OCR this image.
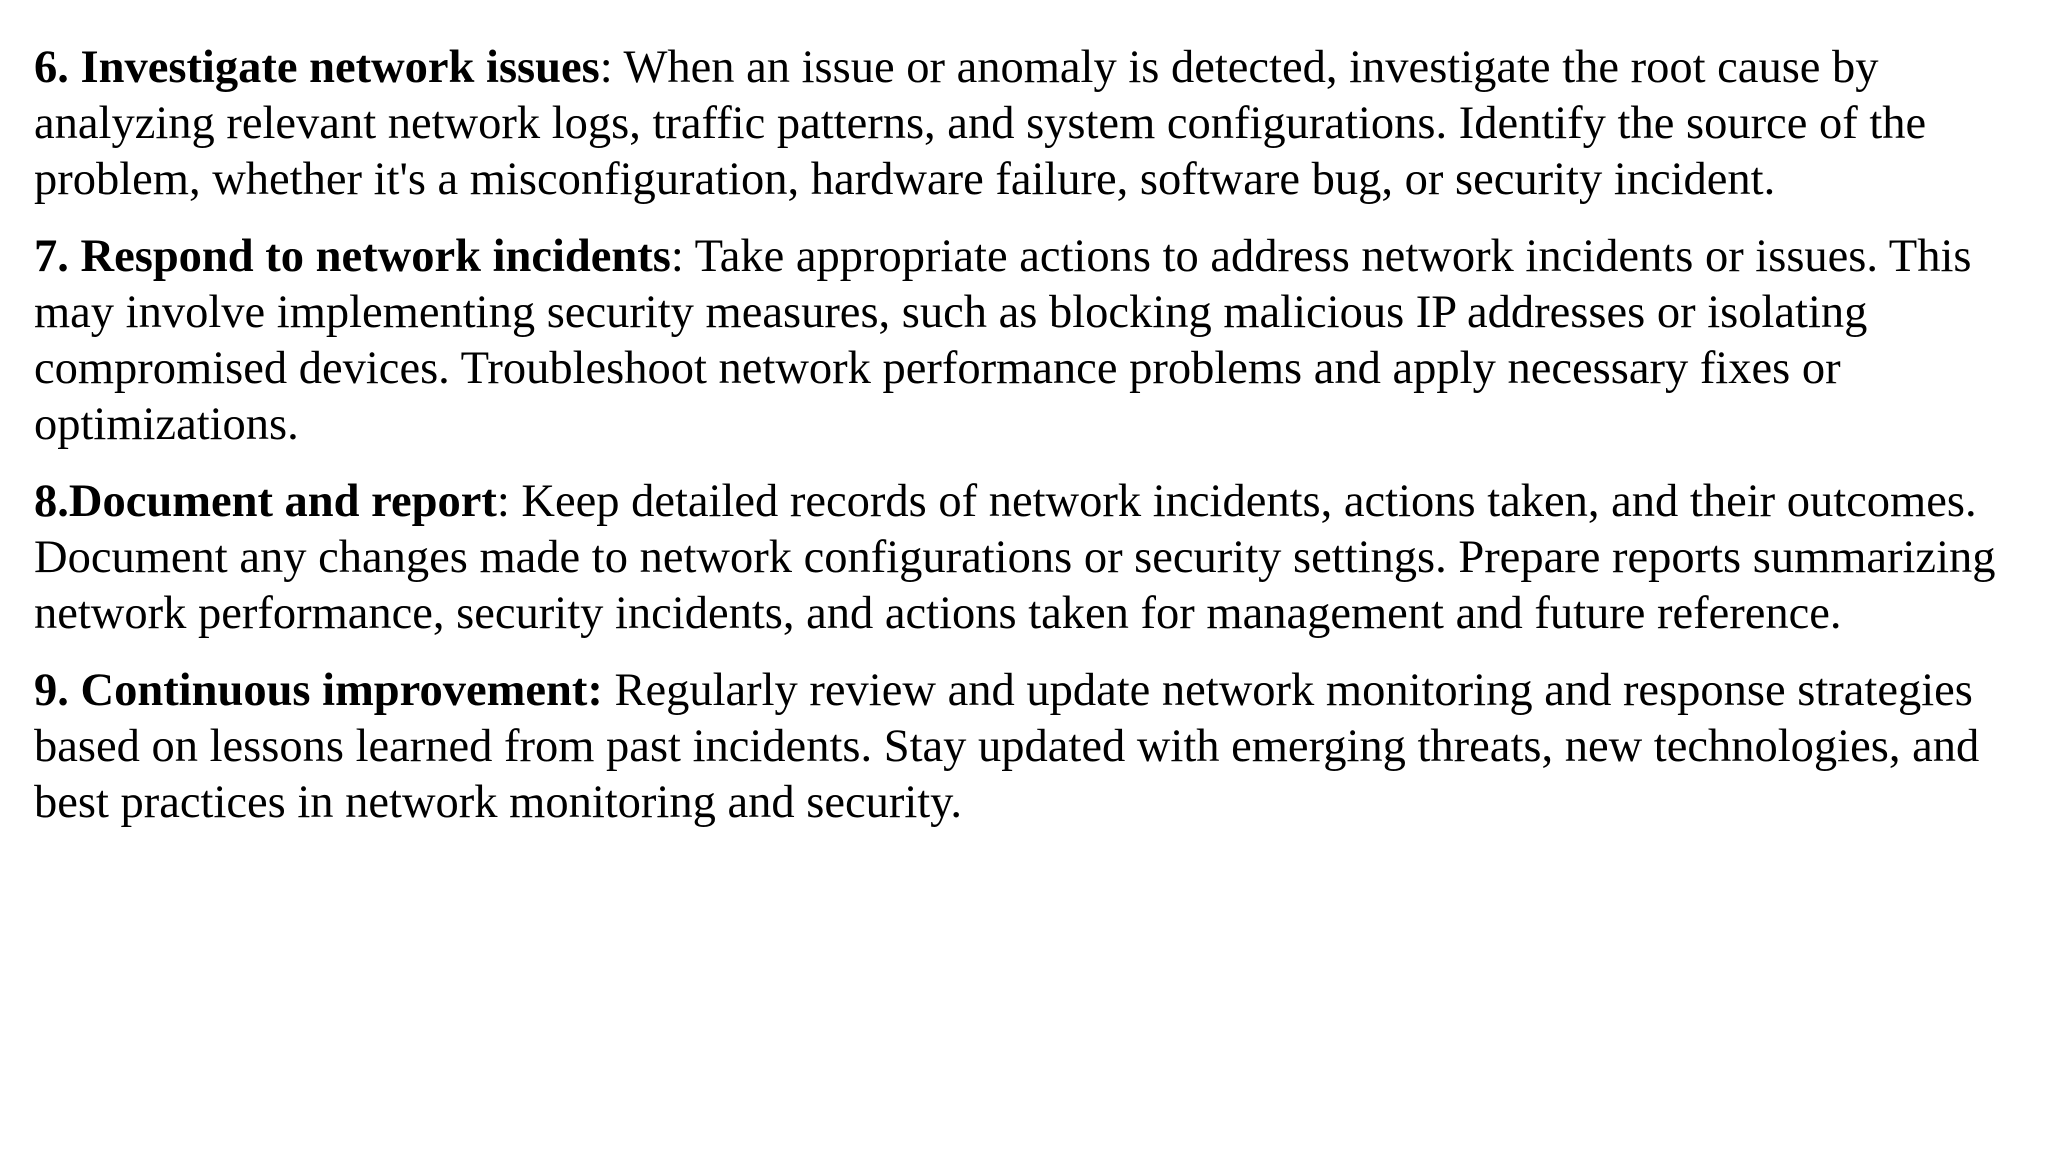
6. Investigate network issues: When an issue or anomaly is detected, investigate the root cause by analyzing relevant network logs, traffic patterns, and system configurations. Identify the source of the problem, whether it's a misconfiguration, hardware failure, software bug, or security incident.

7. Respond to network incidents: Take appropriate actions to address network incidents or issues. This may involve implementing security measures, such as blocking malicious IP addresses or isolating compromised devices. Troubleshoot network performance problems and apply necessary fixes or optimizations.

8.Document and report: Keep detailed records of network incidents, actions taken, and their outcomes. Document any changes made to network configurations or security settings. Prepare reports summarizing network performance, security incidents, and actions taken for management and future reference.

9. Continuous improvement: Regularly review and update network monitoring and response strategies based on lessons learned from past incidents. Stay updated with emerging threats, new technologies, and best practices in network monitoring and security.
